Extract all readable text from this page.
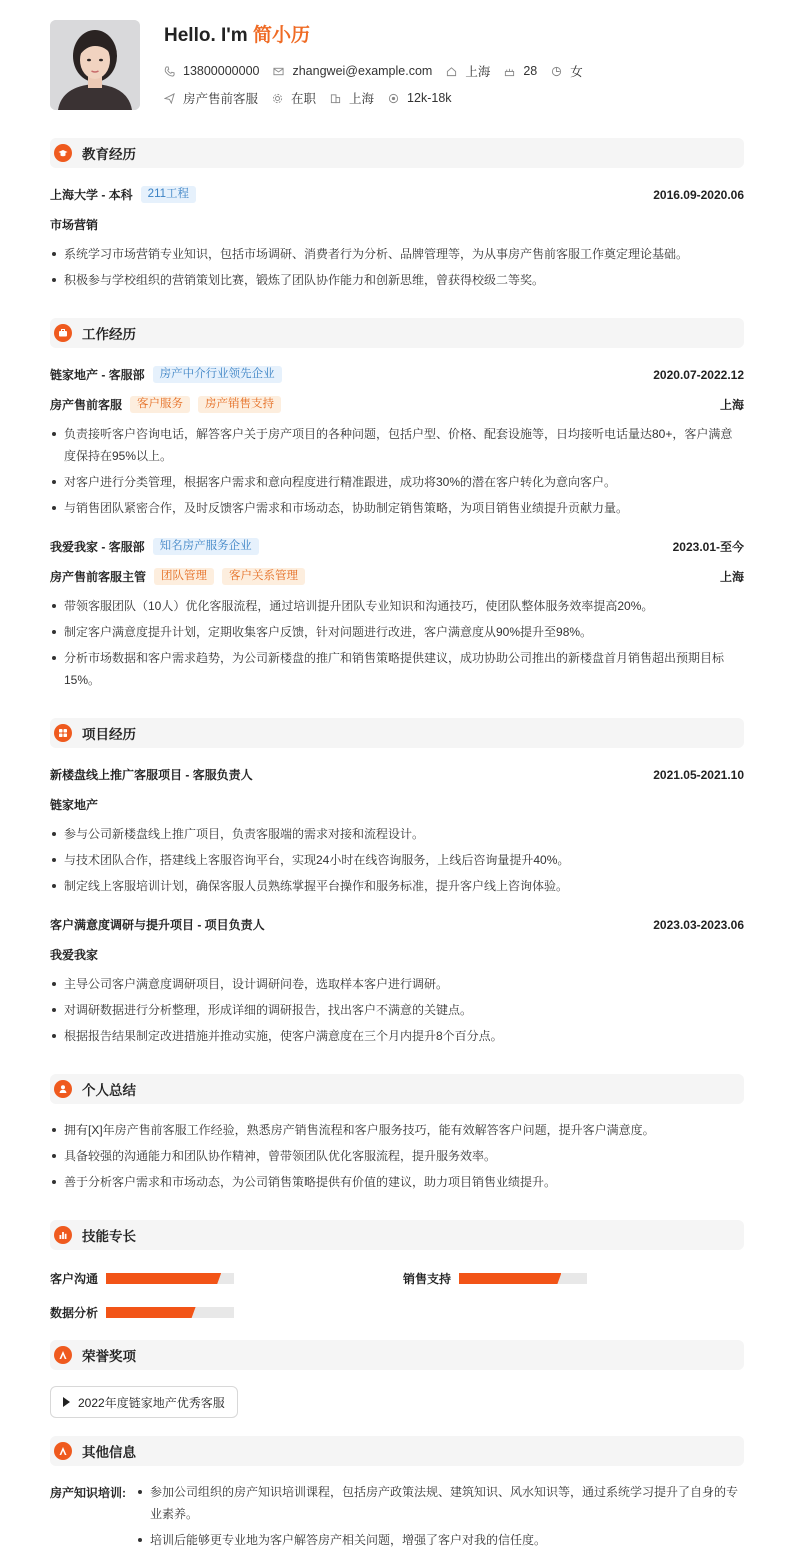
Hello. I'm 简小历
13800000000	zhangwei@example.com	上海	28	女
房产售前客服	在职	上海	12k-18k
教育经历
上海大学 - 本科	211工程	2016.09-2020.06
市场营销
系统学习市场营销专业知识，包括市场调研、消费者行为分析、品牌管理等，为从事房产售前客服工作奠定理论基础。
积极参与学校组织的营销策划比赛，锻炼了团队协作能力和创新思维，曾获得校级二等奖。
工作经历
链家地产 - 客服部	房产中介行业领先企业	2020.07-2022.12
房产售前客服	客户服务	房产销售支持	上海
负责接听客户咨询电话，解答客户关于房产项目的各种问题，包括户型、价格、配套设施等，日均接听电话量达80+，客户满意度保持在95%以上。
对客户进行分类管理，根据客户需求和意向程度进行精准跟进，成功将30%的潜在客户转化为意向客户。
与销售团队紧密合作，及时反馈客户需求和市场动态，协助制定销售策略，为项目销售业绩提升贡献力量。
我爱我家 - 客服部	知名房产服务企业	2023.01-至今
房产售前客服主管	团队管理	客户关系管理	上海
带领客服团队（10人）优化客服流程，通过培训提升团队专业知识和沟通技巧，使团队整体服务效率提高20%。
制定客户满意度提升计划，定期收集客户反馈，针对问题进行改进，客户满意度从90%提升至98%。
分析市场数据和客户需求趋势，为公司新楼盘的推广和销售策略提供建议，成功协助公司推出的新楼盘首月销售超出预期目标15%。
项目经历
新楼盘线上推广客服项目 - 客服负责人	2021.05-2021.10
链家地产
参与公司新楼盘线上推广项目，负责客服端的需求对接和流程设计。
与技术团队合作，搭建线上客服咨询平台，实现24小时在线咨询服务，上线后咨询量提升40%。
制定线上客服培训计划，确保客服人员熟练掌握平台操作和服务标准，提升客户线上咨询体验。
客户满意度调研与提升项目 - 项目负责人	2023.03-2023.06
我爱我家
主导公司客户满意度调研项目，设计调研问卷，选取样本客户进行调研。
对调研数据进行分析整理，形成详细的调研报告，找出客户不满意的关键点。
根据报告结果制定改进措施并推动实施，使客户满意度在三个月内提升8个百分点。
个人总结
拥有[X]年房产售前客服工作经验，熟悉房产销售流程和客户服务技巧，能有效解答客户问题，提升客户满意度。
具备较强的沟通能力和团队协作精神，曾带领团队优化客服流程，提升服务效率。
善于分析客户需求和市场动态，为公司销售策略提供有价值的建议，助力项目销售业绩提升。
技能专长
客户沟通	销售支持
数据分析
荣誉奖项
2022年度链家地产优秀客服
其他信息
房产知识培训:	参加公司组织的房产知识培训课程，包括房产政策法规、建筑知识、风水知识等，通过系统学习提升了自身的专业素养。
培训后能够更专业地为客户解答房产相关问题，增强了客户对我的信任度。
